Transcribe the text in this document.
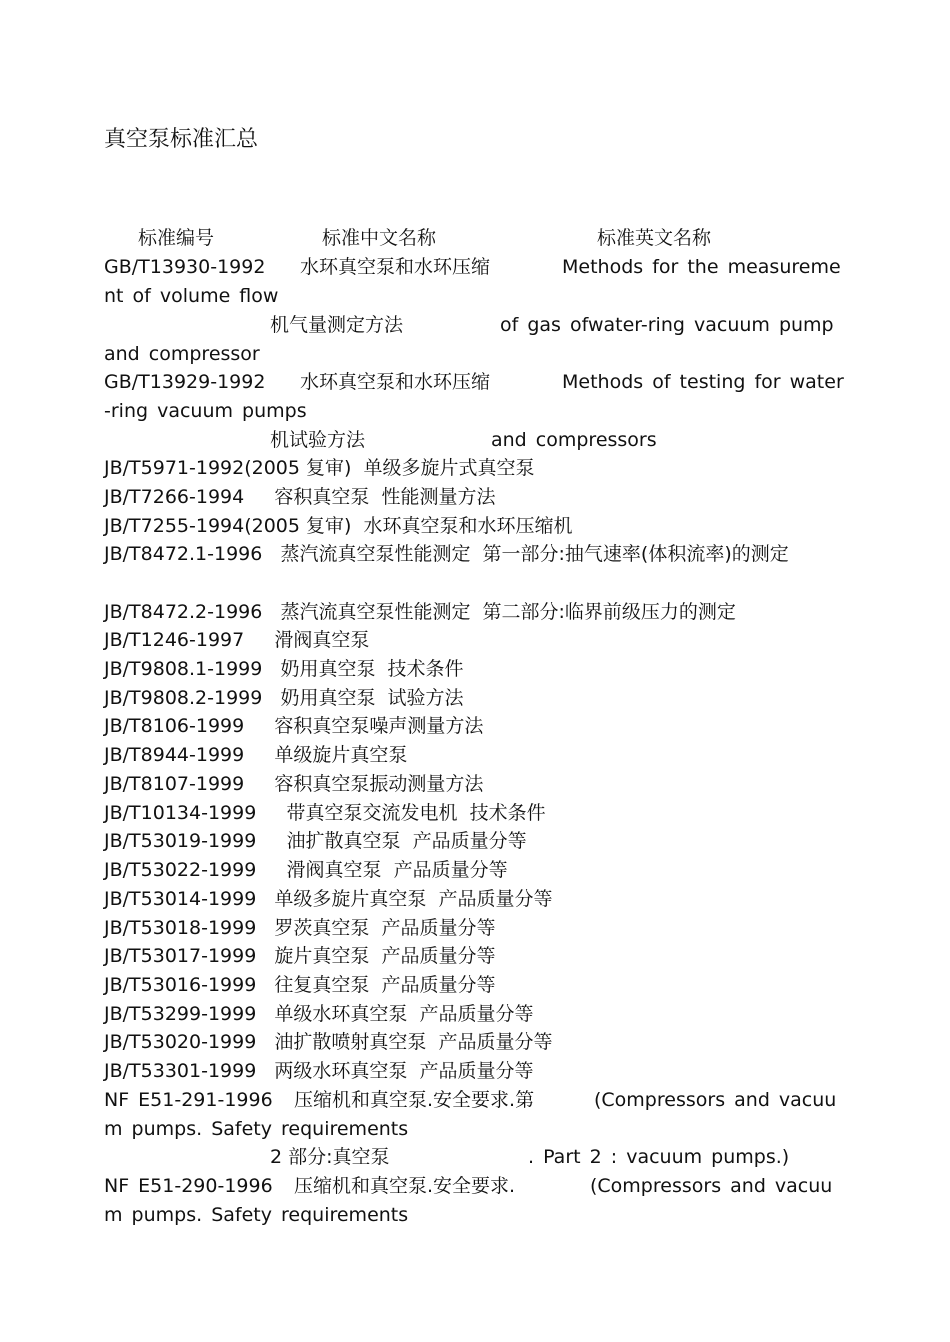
真空泵标准汇总
标准编号	标准中文名称	标准英文名称
GB/T13930-1992 水环真空泵和水环压缩	Methods for the measureme
nt of volume flow
机气量测定方法	of gas ofwater-ring vacuum pump
and compressor
GB/T13929-1992 水环真空泵和水环压缩	Methods of testing for water
-ring vacuum pumps
机试验方法	and compressors
JB/T5971-1992(2005 复审)  单级多旋片式真空泵
JB/T7266-1994     容积真空泵  性能测量方法
JB/T7255-1994(2005 复审)  水环真空泵和水环压缩机
JB/T8472.1-1996   蒸汽流真空泵性能测定  第一部分:抽气速率(体积流率)的测定
JB/T8472.2-1996   蒸汽流真空泵性能测定  第二部分:临界前级压力的测定
JB/T1246-1997     滑阀真空泵
JB/T9808.1-1999   奶用真空泵  技术条件
JB/T9808.2-1999   奶用真空泵  试验方法
JB/T8106-1999     容积真空泵噪声测量方法
JB/T8944-1999     单级旋片真空泵
JB/T8107-1999     容积真空泵振动测量方法
JB/T10134-1999     带真空泵交流发电机  技术条件
JB/T53019-1999     油扩散真空泵  产品质量分等
JB/T53022-1999     滑阀真空泵  产品质量分等
JB/T53014-1999   单级多旋片真空泵  产品质量分等
JB/T53018-1999   罗茨真空泵  产品质量分等
JB/T53017-1999   旋片真空泵  产品质量分等
JB/T53016-1999   往复真空泵  产品质量分等
JB/T53299-1999   单级水环真空泵  产品质量分等
JB/T53020-1999   油扩散喷射真空泵  产品质量分等
JB/T53301-1999   两级水环真空泵  产品质量分等
NF E51-291-1996 压缩机和真空泵.安全要求.第	(Compressors and vacuu
m pumps. Safety requirements
2 部分:真空泵	. Part 2 : vacuum pumps.)
NF E51-290-1996 压缩机和真空泵.安全要求.	(Compressors and vacuu
m pumps. Safety requirements
